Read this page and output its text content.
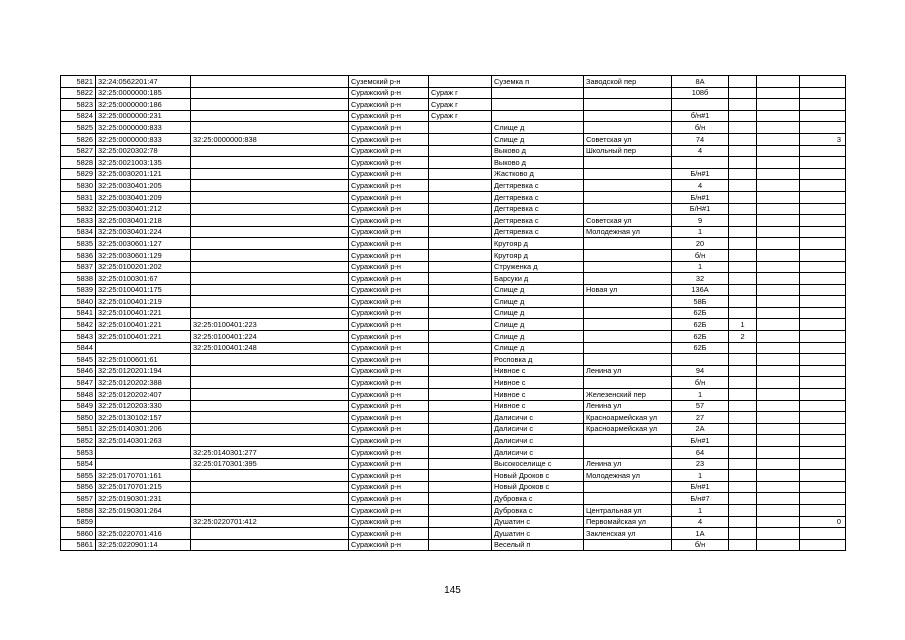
5821	32:24:0562201:47		Суземский р-н		Суземка п	Заводской пер	8А			
5822	32:25:0000000:185		Суражский р-н	Сураж г			108б			
5823	32:25:0000000:186		Суражский р-н	Сураж г						
5824	32:25:0000000:231		Суражский р-н	Сураж г			б/н#1			
5825	32:25:0000000:833		Суражский р-н		Слище д		б/н			
5826	32:25:0000000:833	32:25:0000000:838	Суражский р-н		Слище д	Советская ул	74			3
5827	32:25:0020302:78		Суражский р-н		Выково д	Школьный пер	4			
5828	32:25:0021003:135		Суражский р-н		Выково д					
5829	32:25:0030201:121		Суражский р-н		Жастково д		Б/н#1			
5830	32:25:0030401:205		Суражский р-н		Дегтяревка с		4			
5831	32:25:0030401:209		Суражский р-н		Дегтяревка с		Б/н#1			
5832	32:25:0030401:212		Суражский р-н		Дегтяревка с		Б/Н#1			
5833	32:25:0030401:218		Суражский р-н		Дегтяревка с	Советская ул	9			
5834	32:25:0030401:224		Суражский р-н		Дегтяревка с	Молодежная ул	1			
5835	32:25:0030601:127		Суражский р-н		Крутояр д		20			
5836	32:25:0030601:129		Суражский р-н		Крутояр д		б/н			
5837	32:25:0100201:202		Суражский р-н		Струженка д		1			
5838	32:25:0100301:67		Суражский р-н		Барсуки д		32			
5839	32:25:0100401:175		Суражский р-н		Слище д	Новая ул	136А			
5840	32:25:0100401:219		Суражский р-н		Слище д		58Б			
5841	32:25:0100401:221		Суражский р-н		Слище д		62Б			
5842	32:25:0100401:221	32:25:0100401:223	Суражский р-н		Слище д		62Б	1		
5843	32:25:0100401:221	32:25:0100401:224	Суражский р-н		Слище д		62Б	2		
5844		32:25:0100401:248	Суражский р-н		Слище д		62Б			
5845	32:25:0100601:61		Суражский р-н		Росповка д					
5846	32:25:0120201:194		Суражский р-н		Нивное с	Ленина ул	94			
5847	32:25:0120202:388		Суражский р-н		Нивное с		б/н			
5848	32:25:0120202:407		Суражский р-н		Нивное с	Железенский пер	1			
5849	32:25:0120203:330		Суражский р-н		Нивное с	Ленина ул	57			
5850	32:25:0130102:157		Суражский р-н		Далисичи с	Красноармейская ул	27			
5851	32:25:0140301:206		Суражский р-н		Далисичи с	Красноармейская ул	2А			
5852	32:25:0140301:263		Суражский р-н		Далисичи с		Б/н#1			
5853		32:25:0140301:277	Суражский р-н		Далисичи с		64			
5854		32:25:0170301:395	Суражский р-н		Высокоселище с	Ленина ул	23			
5855	32:25:0170701:161		Суражский р-н		Новый Дроков с	Молодежная ул	1			
5856	32:25:0170701:215		Суражский р-н		Новый Дроков с		Б/н#1			
5857	32:25:0190301:231		Суражский р-н		Дубровка с		Б/н#7			
5858	32:25:0190301:264		Суражский р-н		Дубровка с	Центральная ул	1			
5859		32:25:0220701:412	Суражский р-н		Душатин с	Первомайская ул	4			0
5860	32:25:0220701:416		Суражский р-н		Душатин с	Закленская ул	1А			
5861	32:25:0220901:14		Суражский р-н		Веселый п		б/н			
145
